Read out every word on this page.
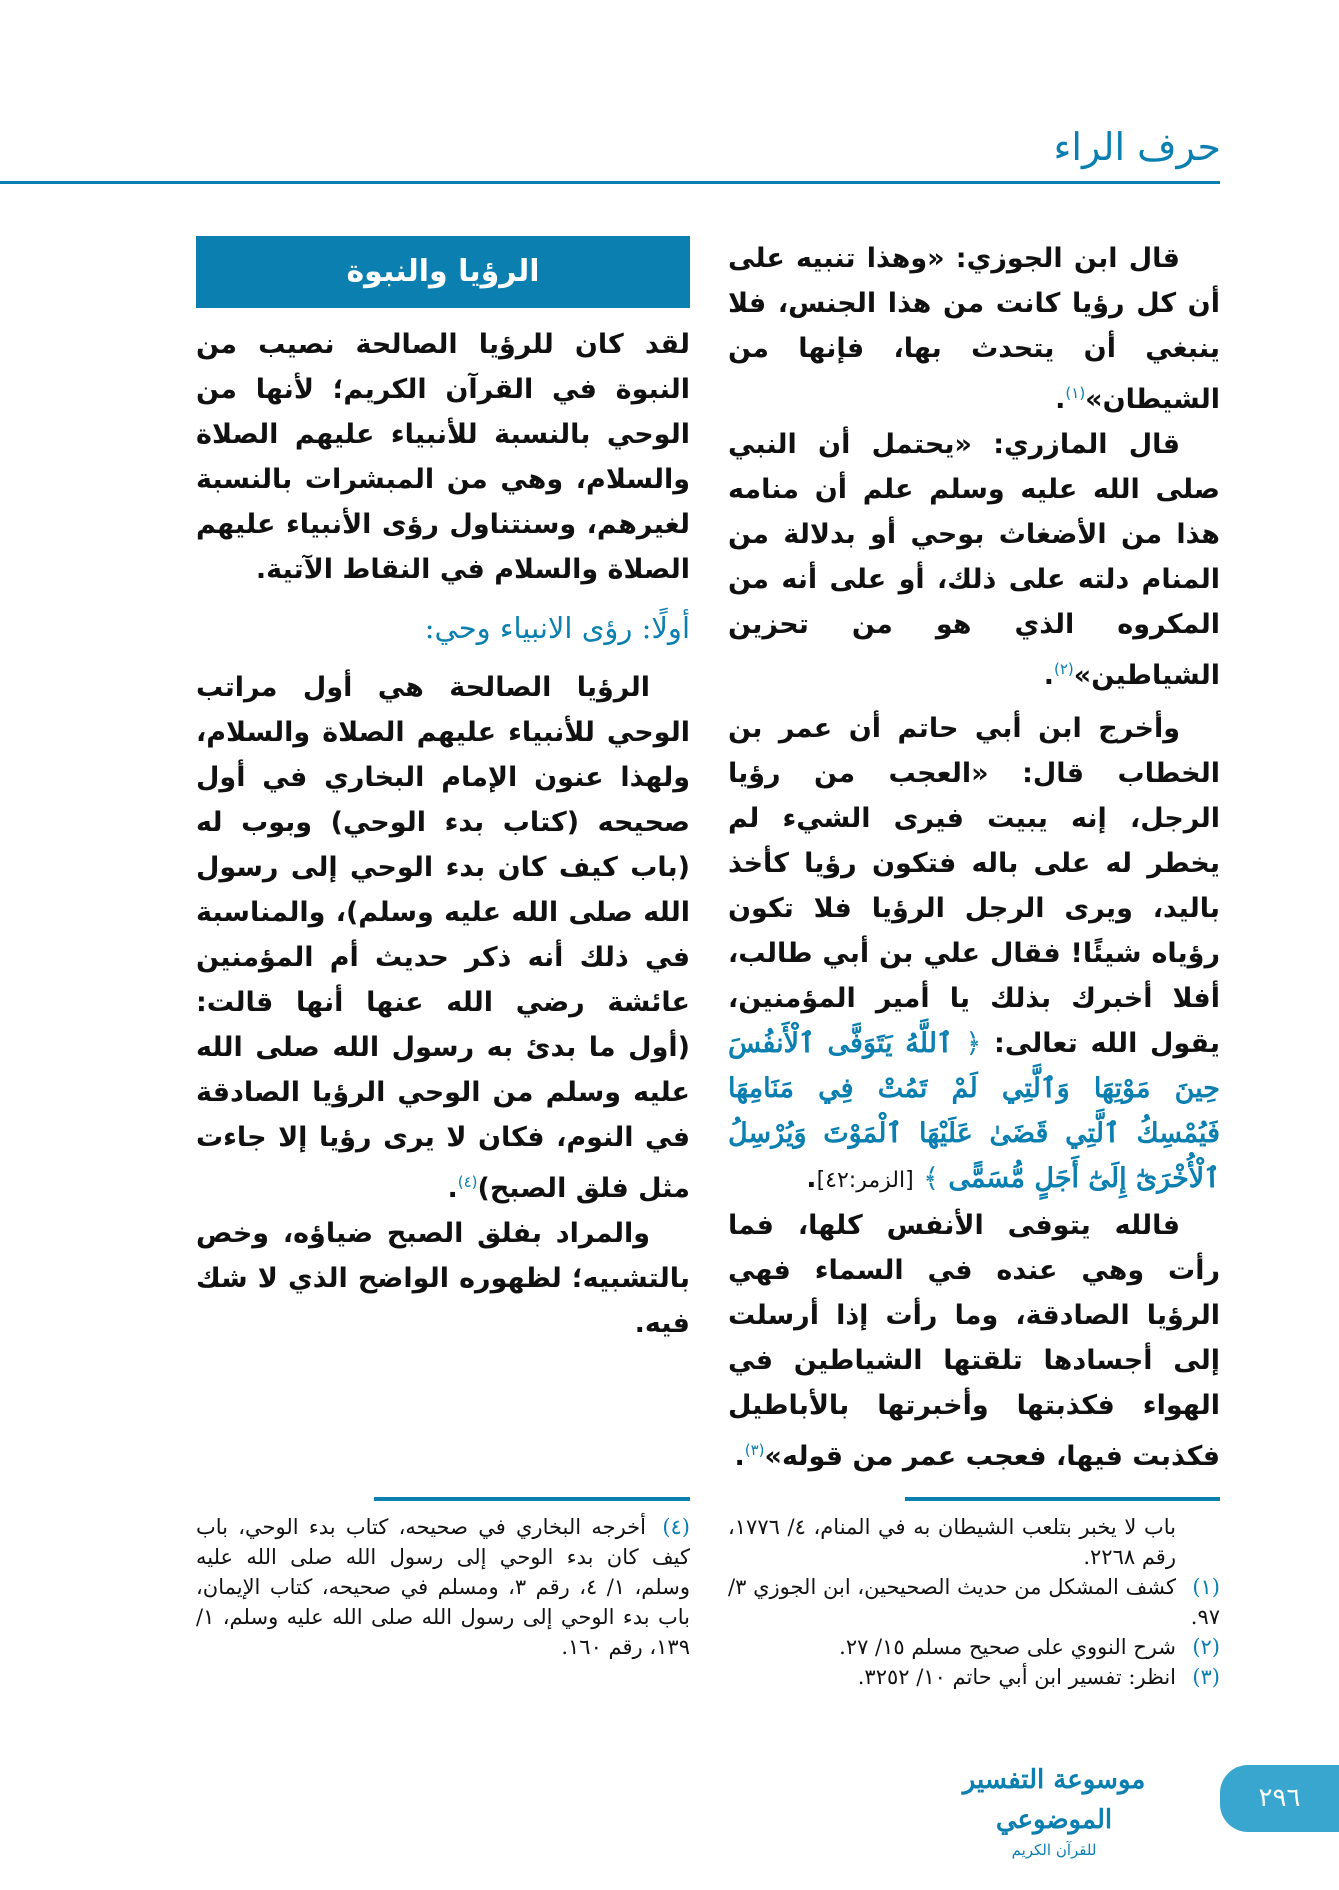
حرف الراء

قال ابن الجوزي: «وهذا تنبيه على أن كل رؤيا كانت من هذا الجنس، فلا ينبغي أن يتحدث بها، فإنها من الشيطان»$^{(١)}$.

قال المازري: «يحتمل أن النبي صلى الله عليه وسلم علم أن منامه هذا من الأضغاث بوحي أو بدلالة من المنام دلته على ذلك، أو على أنه من المكروه الذي هو من تحزين الشياطين»$^{(٢)}$.

وأخرج ابن أبي حاتم أن عمر بن الخطاب قال: «العجب من رؤيا الرجل، إنه يبيت فيرى الشيء لم يخطر له على باله فتكون رؤيا كأخذ باليد، ويرى الرجل الرؤيا فلا تكون رؤياه شيئًا! فقال علي بن أبي طالب، أفلا أخبرك بذلك يا أمير المؤمنين، يقول الله تعالى: ﴿ ٱللَّهُ يَتَوَفَّى ٱلْأَنفُسَ حِينَ مَوْتِهَا وَٱلَّتِي لَمْ تَمُتْ فِي مَنَامِهَا فَيُمْسِكُ ٱلَّتِي قَضَىٰ عَلَيْهَا ٱلْمَوْتَ وَيُرْسِلُ ٱلْأُخْرَىٰٓ إِلَىٰٓ أَجَلٍ مُّسَمًّى ﴾ [الزمر:٤٢].

فالله يتوفى الأنفس كلها، فما رأت وهي عنده في السماء فهي الرؤيا الصادقة، وما رأت إذا أرسلت إلى أجسادها تلقتها الشياطين في الهواء فكذبتها وأخبرتها بالأباطيل فكذبت فيها، فعجب عمر من قوله»$^{(٣)}$.

باب لا يخبر بتلعب الشيطان به في المنام، ٤/ ١٧٧٦، رقم ٢٢٦٨.

(١)كشف المشكل من حديث الصحيحين، ابن الجوزي ٣/ ٩٧.

(٢)شرح النووي على صحيح مسلم ١٥/ ٢٧.

(٣)انظر: تفسير ابن أبي حاتم ١٠/ ٣٢٥٢.

الرؤيا والنبوة

لقد كان للرؤيا الصالحة نصيب من النبوة في القرآن الكريم؛ لأنها من الوحي بالنسبة للأنبياء عليهم الصلاة والسلام، وهي من المبشرات بالنسبة لغيرهم، وسنتناول رؤى الأنبياء عليهم الصلاة والسلام في النقاط الآتية.

أولًا: رؤى الانبياء وحي:

الرؤيا الصالحة هي أول مراتب الوحي للأنبياء عليهم الصلاة والسلام، ولهذا عنون الإمام البخاري في أول صحيحه (كتاب بدء الوحي) وبوب له (باب كيف كان بدء الوحي إلى رسول الله صلى الله عليه وسلم)، والمناسبة في ذلك أنه ذكر حديث أم المؤمنين عائشة رضي الله عنها أنها قالت: (أول ما بدئ به رسول الله صلى الله عليه وسلم من الوحي الرؤيا الصادقة في النوم، فكان لا يرى رؤيا إلا جاءت مثل فلق الصبح)$^{(٤)}$.

والمراد بفلق الصبح ضياؤه، وخص بالتشبيه؛ لظهوره الواضح الذي لا شك فيه.

(٤)أخرجه البخاري في صحيحه، كتاب بدء الوحي، باب كيف كان بدء الوحي إلى رسول الله صلى الله عليه وسلم، ١/ ٤، رقم ٣، ومسلم في صحيحه، كتاب الإيمان، باب بدء الوحي إلى رسول الله صلى الله عليه وسلم، ١/ ١٣٩، رقم ١٦٠.

موسوعة التفسير الموضوعي
للقرآن الكريم
٢٩٦
